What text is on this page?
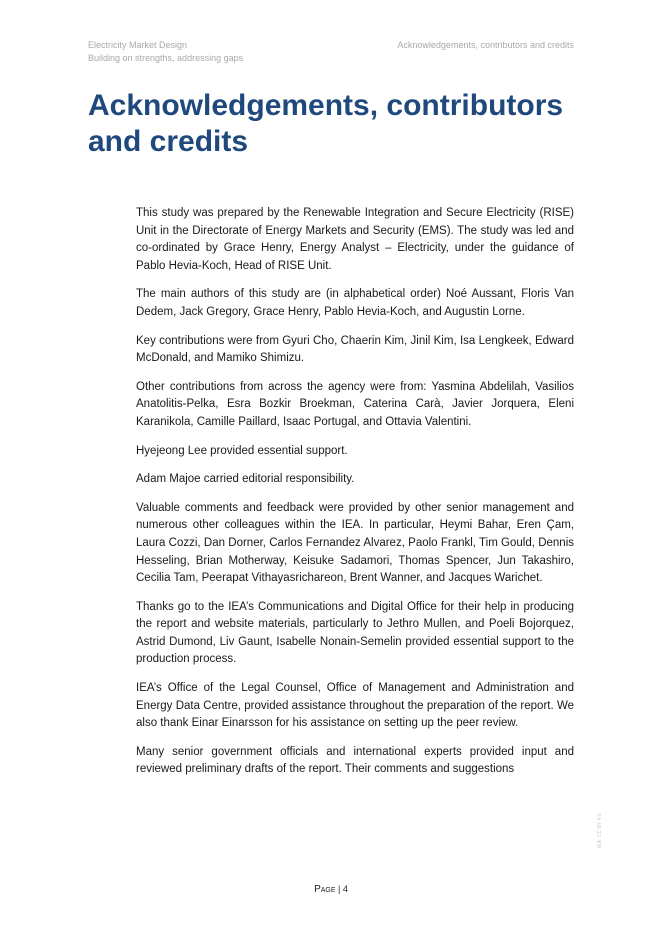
Electricity Market Design
Building on strengths, addressing gaps
Acknowledgements, contributors and credits
Acknowledgements, contributors and credits

This study was prepared by the Renewable Integration and Secure Electricity (RISE) Unit in the Directorate of Energy Markets and Security (EMS). The study was led and co-ordinated by Grace Henry, Energy Analyst – Electricity, under the guidance of Pablo Hevia-Koch, Head of RISE Unit.

The main authors of this study are (in alphabetical order) Noé Aussant, Floris Van Dedem, Jack Gregory, Grace Henry, Pablo Hevia-Koch, and Augustin Lorne.

Key contributions were from Gyuri Cho, Chaerin Kim, Jinil Kim, Isa Lengkeek, Edward McDonald, and Mamiko Shimizu.

Other contributions from across the agency were from: Yasmina Abdelilah, Vasilios Anatolitis-Pelka, Esra Bozkir Broekman, Caterina Carà, Javier Jorquera, Eleni Karanikola, Camille Paillard, Isaac Portugal, and Ottavia Valentini.

Hyejeong Lee provided essential support.

Adam Majoe carried editorial responsibility.

Valuable comments and feedback were provided by other senior management and numerous other colleagues within the IEA. In particular, Heymi Bahar, Eren Çam, Laura Cozzi, Dan Dorner, Carlos Fernandez Alvarez, Paolo Frankl, Tim Gould, Dennis Hesseling, Brian Motherway, Keisuke Sadamori, Thomas Spencer, Jun Takashiro, Cecilia Tam, Peerapat Vithayasrichareon, Brent Wanner, and Jacques Warichet.

Thanks go to the IEA’s Communications and Digital Office for their help in producing the report and website materials, particularly to Jethro Mullen, and Poeli Bojorquez, Astrid Dumond, Liv Gaunt, Isabelle Nonain-Semelin provided essential support to the production process.

IEA’s Office of the Legal Counsel, Office of Management and Administration and Energy Data Centre, provided assistance throughout the preparation of the report. We also thank Einar Einarsson for his assistance on setting up the peer review.

Many senior government officials and international experts provided input and reviewed preliminary drafts of the report. Their comments and suggestions

Page | 4
IEA. CC BY 4.0.
